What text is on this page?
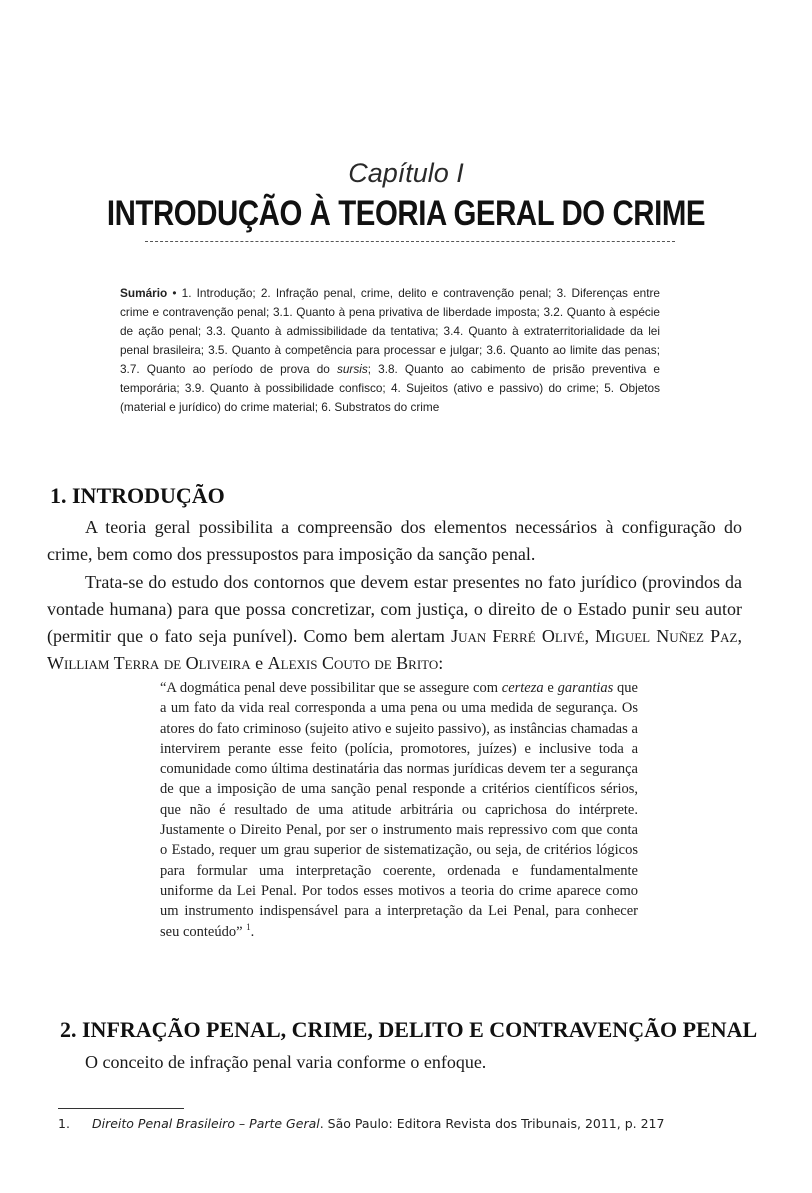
Capítulo I
INTRODUÇÃO À TEORIA GERAL DO CRIME
Sumário • 1. Introdução; 2. Infração penal, crime, delito e contravenção penal; 3. Diferenças entre crime e contravenção penal; 3.1. Quanto à pena privativa de liberdade imposta; 3.2. Quanto à espécie de ação penal; 3.3. Quanto à admissibilidade da tentativa; 3.4. Quanto à extraterritorialidade da lei penal brasileira; 3.5. Quanto à competência para processar e julgar; 3.6. Quanto ao limite das penas; 3.7. Quanto ao período de prova do sursis; 3.8. Quanto ao cabimento de prisão preventiva e temporária; 3.9. Quanto à possibilidade confisco; 4. Sujeitos (ativo e passivo) do crime; 5. Objetos (material e jurídico) do crime material; 6. Substratos do crime
1. INTRODUÇÃO
A teoria geral possibilita a compreensão dos elementos necessários à configuração do crime, bem como dos pressupostos para imposição da sanção penal.
Trata-se do estudo dos contornos que devem estar presentes no fato jurídico (provindos da vontade humana) para que possa concretizar, com justiça, o direito de o Estado punir seu autor (permitir que o fato seja punível). Como bem alertam Juan Ferré Olivé, Miguel Nuñez Paz, William Terra de Oliveira e Alexis Couto de Brito:
“A dogmática penal deve possibilitar que se assegure com certeza e garantias que a um fato da vida real corresponda a uma pena ou uma medida de segurança. Os atores do fato criminoso (sujeito ativo e sujeito passivo), as instâncias chamadas a intervirem perante esse feito (polícia, promotores, juízes) e inclusive toda a comunidade como última destinatária das normas jurídicas devem ter a segurança de que a imposição de uma sanção penal responde a critérios científicos sérios, que não é resultado de uma atitude arbitrária ou caprichosa do intérprete. Justamente o Direito Penal, por ser o instrumento mais repressivo com que conta o Estado, requer um grau superior de sistematização, ou seja, de critérios lógicos para formular uma interpretação coerente, ordenada e fundamentalmente uniforme da Lei Penal. Por todos esses motivos a teoria do crime aparece como um instrumento indispensável para a interpretação da Lei Penal, para conhecer seu conteúdo” $^1$.
2. INFRAÇÃO PENAL, CRIME, DELITO E CONTRAVENÇÃO PENAL
O conceito de infração penal varia conforme o enfoque.
1. Direito Penal Brasileiro – Parte Geral. São Paulo: Editora Revista dos Tribunais, 2011, p. 217
